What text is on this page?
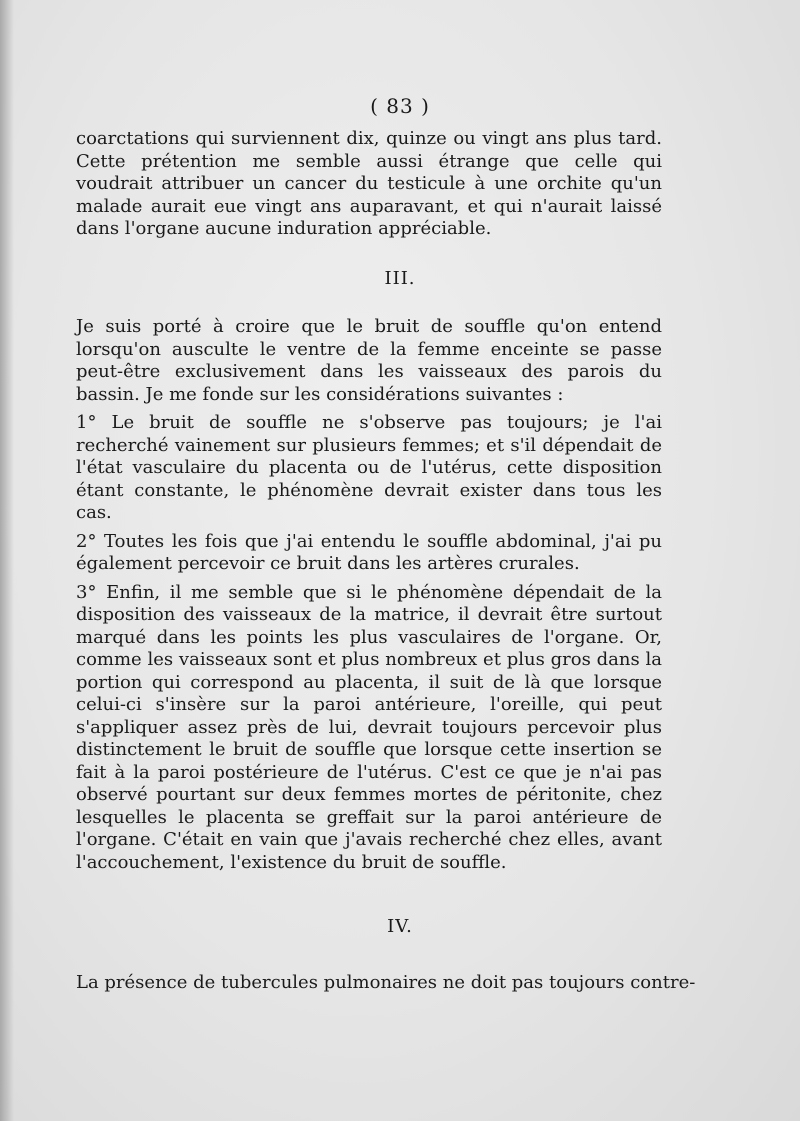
( 83 )

coarctations qui surviennent dix, quinze ou vingt ans plus tard. Cette prétention me semble aussi étrange que celle qui voudrait attribuer un cancer du testicule à une orchite qu'un malade aurait eue vingt ans auparavant, et qui n'aurait laissé dans l'organe aucune induration appréciable.

III.

Je suis porté à croire que le bruit de souffle qu'on entend lorsqu'on ausculte le ventre de la femme enceinte se passe peut-être exclusivement dans les vaisseaux des parois du bassin. Je me fonde sur les considérations suivantes :

1° Le bruit de souffle ne s'observe pas toujours; je l'ai recherché vainement sur plusieurs femmes; et s'il dépendait de l'état vasculaire du placenta ou de l'utérus, cette disposition étant constante, le phénomène devrait exister dans tous les cas.

2° Toutes les fois que j'ai entendu le souffle abdominal, j'ai pu également percevoir ce bruit dans les artères crurales.

3° Enfin, il me semble que si le phénomène dépendait de la disposition des vaisseaux de la matrice, il devrait être surtout marqué dans les points les plus vasculaires de l'organe. Or, comme les vaisseaux sont et plus nombreux et plus gros dans la portion qui correspond au placenta, il suit de là que lorsque celui-ci s'insère sur la paroi antérieure, l'oreille, qui peut s'appliquer assez près de lui, devrait toujours percevoir plus distinctement le bruit de souffle que lorsque cette insertion se fait à la paroi postérieure de l'utérus. C'est ce que je n'ai pas observé pourtant sur deux femmes mortes de péritonite, chez lesquelles le placenta se greffait sur la paroi antérieure de l'organe. C'était en vain que j'avais recherché chez elles, avant l'accouchement, l'existence du bruit de souffle.

IV.
La présence de tubercules pulmonaires ne doit pas toujours contre-
